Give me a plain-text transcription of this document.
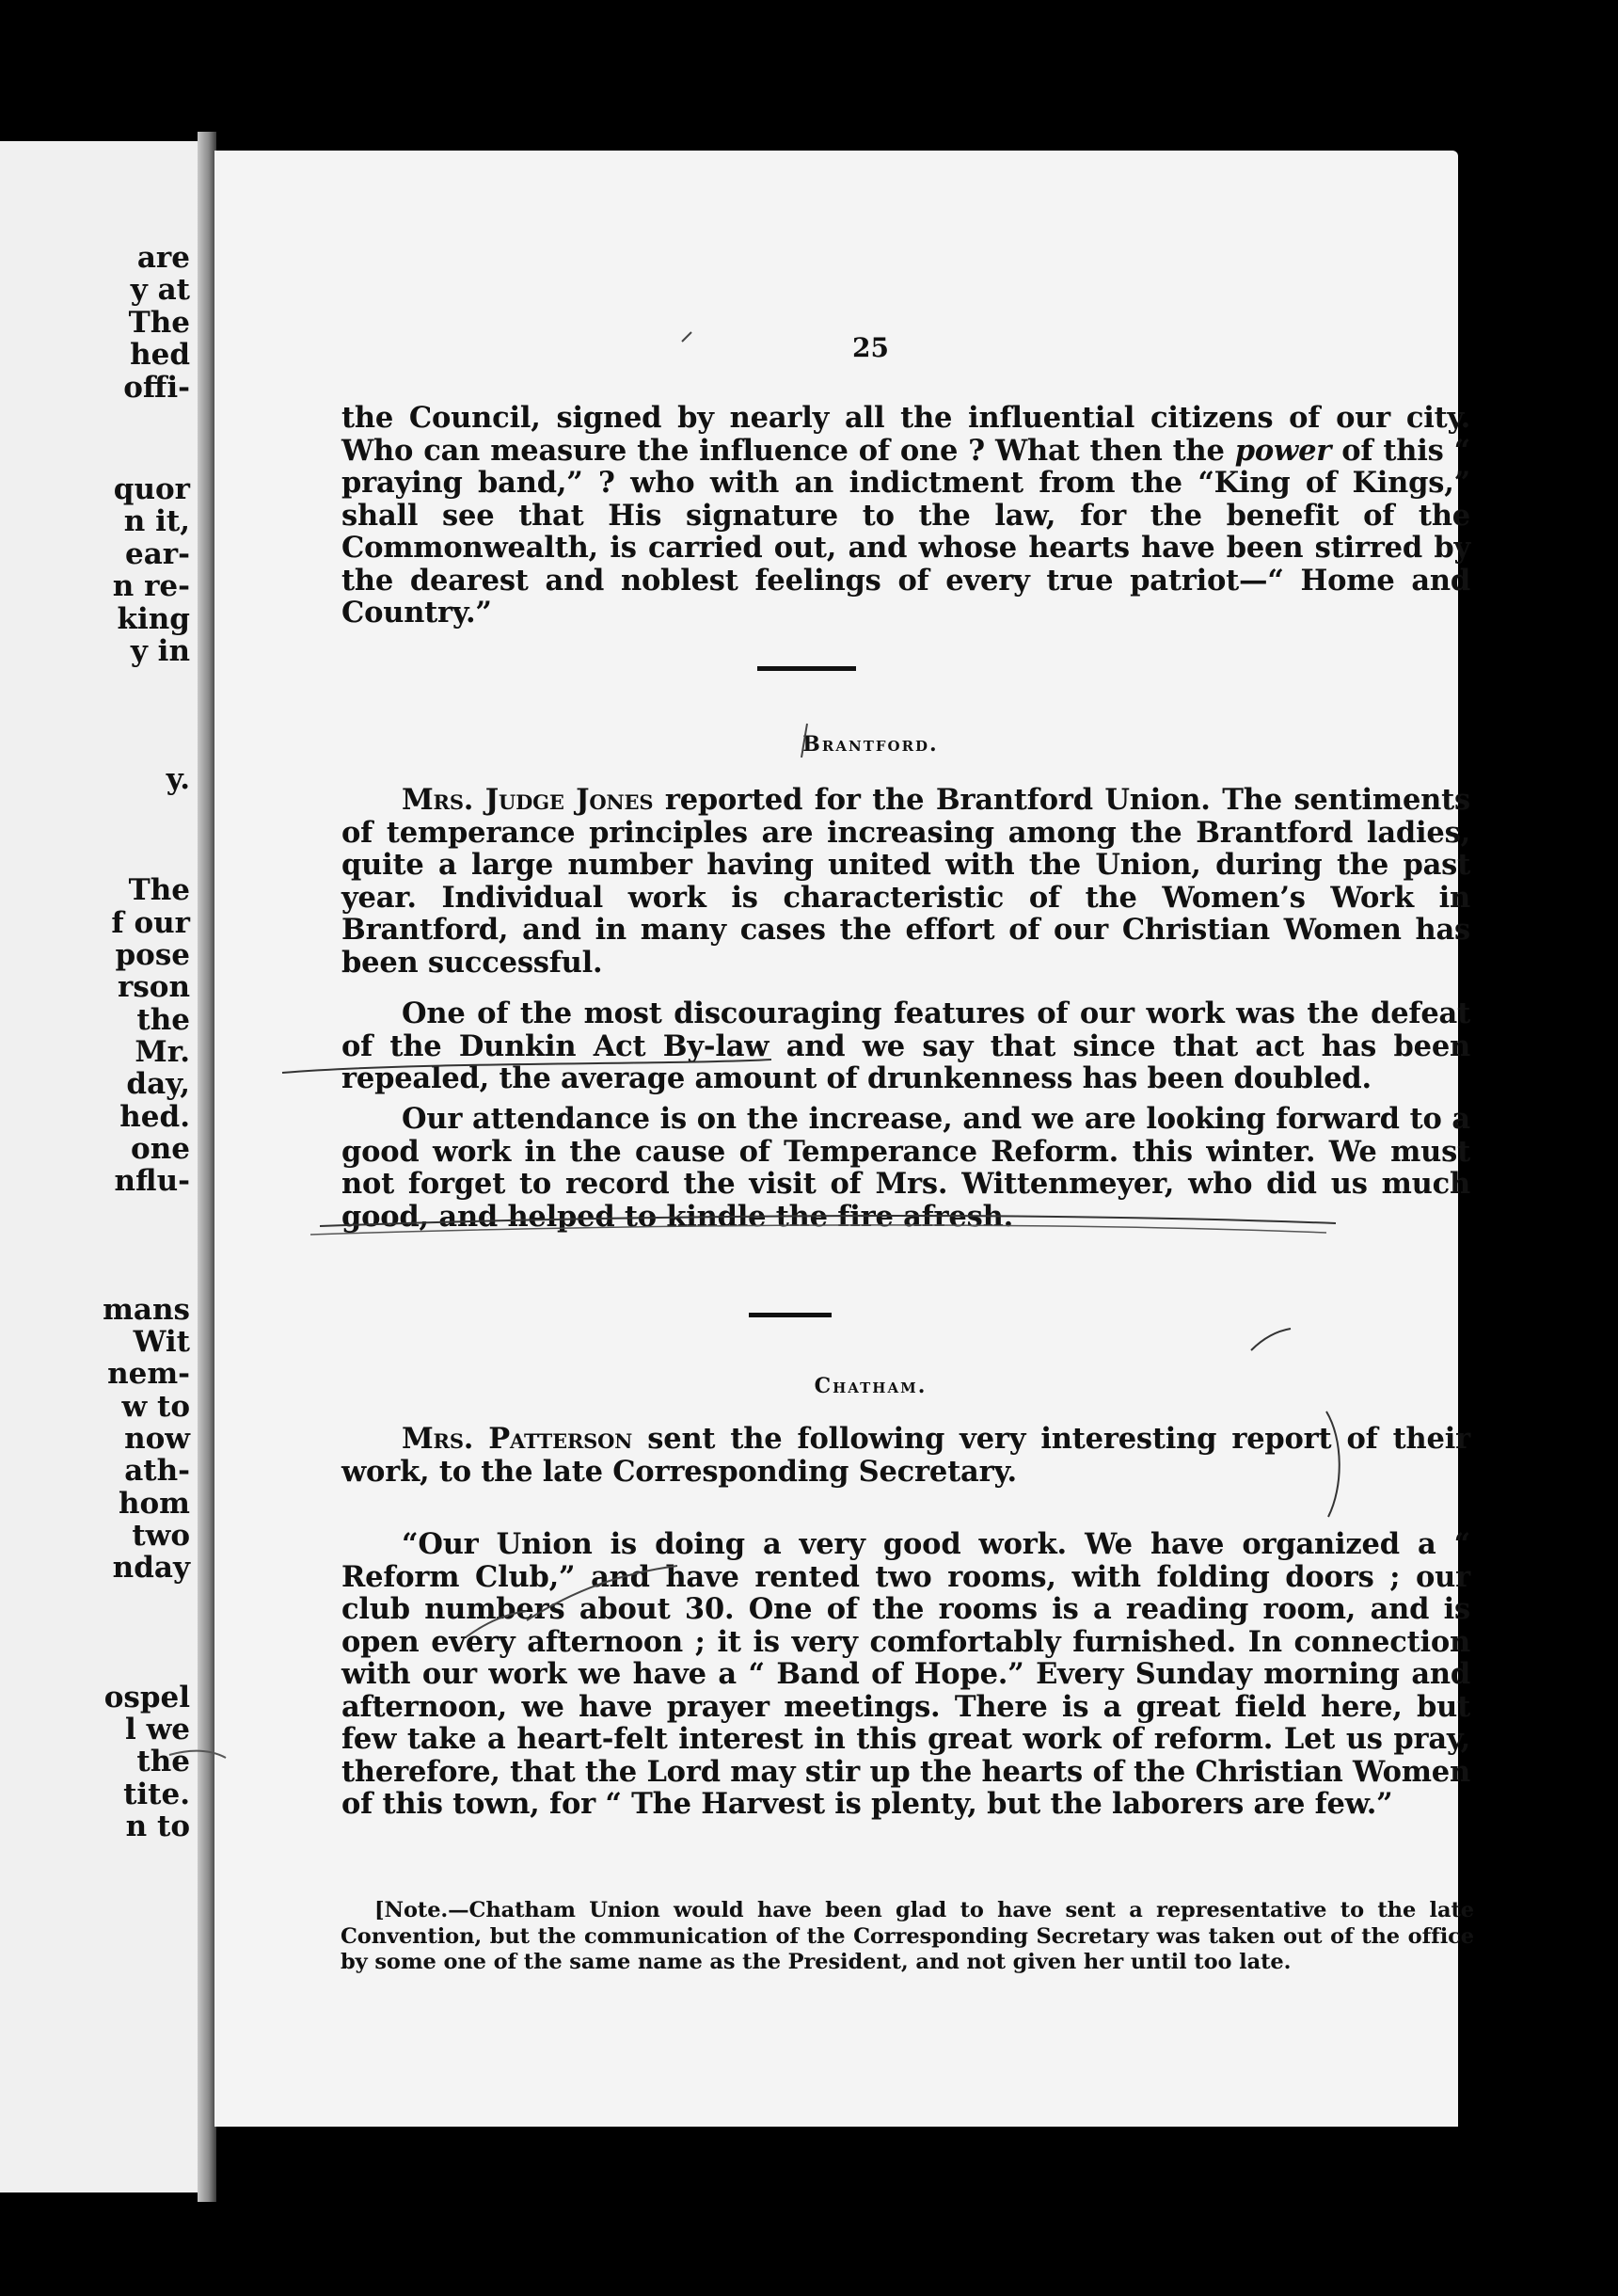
are
y at
The
hed
offi-
quor
n it,
ear-
n re-
king
y in
y.
The
f our
pose
rson
the
Mr.
day,
hed.
one
nflu-
mans
Wit
nem-
w to
now
ath-
hom
two
nday
ospel
l we
the
tite.
n to
25
the Council, signed by nearly all the influential citizens of our city. Who can measure the influence of one ? What then the power of this “ praying band,” ? who with an indictment from the “King of Kings,” shall see that His signature to the law, for the benefit of the Commonwealth, is carried out, and whose hearts have been stirred by the dearest and noblest feelings of every true patriot—“ Home and Country.”
Brantford.
Mrs. Judge Jones reported for the Brantford Union. The sentiments of temperance principles are increasing among the Brantford ladies, quite a large number having united with the Union, during the past year. Individual work is characteristic of the Women’s Work in Brantford, and in many cases the effort of our Christian Women has been successful.
One of the most discouraging features of our work was the defeat of the Dunkin Act By-law and we say that since that act has been repealed, the average amount of drunkenness has been doubled.
Our attendance is on the increase, and we are looking forward to a good work in the cause of Temperance Reform. this winter. We must not forget to record the visit of Mrs. Wittenmeyer, who did us much good, and helped to kindle the fire afresh.
Chatham.
Mrs. Patterson sent the following very interesting report of their work, to the late Corresponding Secretary.
“Our Union is doing a very good work. We have organized a “ Reform Club,” and have rented two rooms, with folding doors ; our club numbers about 30. One of the rooms is a reading room, and is open every afternoon ; it is very comfortably furnished. In connection with our work we have a “ Band of Hope.” Every Sunday morning and afternoon, we have prayer meetings. There is a great field here, but few take a heart-felt interest in this great work of reform. Let us pray, therefore, that the Lord may stir up the hearts of the Christian Women of this town, for “ The Harvest is plenty, but the laborers are few.”
[Note.—Chatham Union would have been glad to have sent a representative to the late Convention, but the communication of the Corresponding Secretary was taken out of the office by some one of the same name as the President, and not given her until too late.
